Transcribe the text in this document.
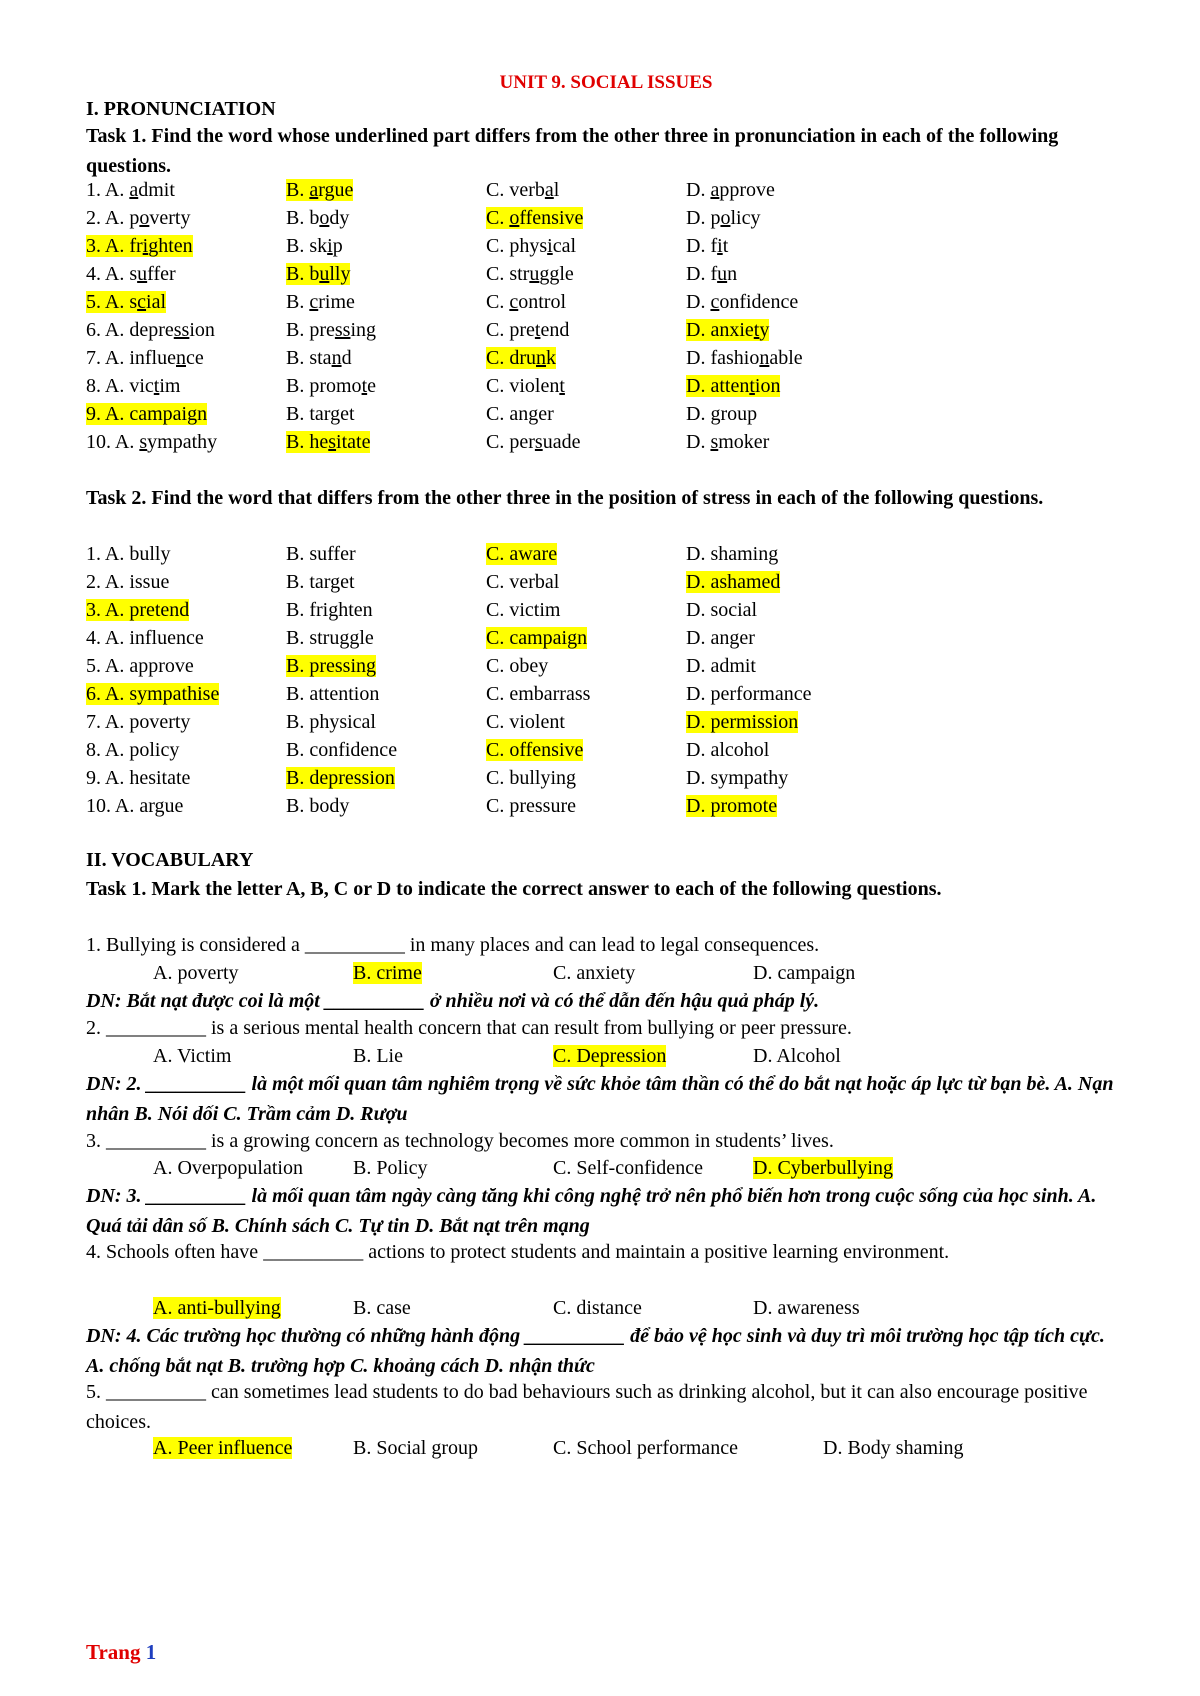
UNIT 9. SOCIAL ISSUES
I. PRONUNCIATION
Task 1. Find the word whose underlined part differs from the other three in pronunciation in each of the following questions.
1. A. admit	B. argue	C. verbal	D. approve
2. A. poverty	B. body	C. offensive	D. policy
3. A. frighten	B. skip	C. physical	D. fit
4. A. suffer	B. bully	C. struggle	D. fun
5. A. scial	B. crime	C. control	D. confidence
6. A. depression	B. pressing	C. pretend	D. anxiety
7. A. influence	B. stand	C. drunk	D. fashionable
8. A. victim	B. promote	C. violent	D. attention
9. A. campaign	B. target	C. anger	D. group
10. A. sympathy	B. hesitate	C. persuade	D. smoker
Task 2. Find the word that differs from the other three in the position of stress in each of the following questions.
1. A. bully	B. suffer	C. aware	D. shaming
2. A. issue	B. target	C. verbal	D. ashamed
3. A. pretend	B. frighten	C. victim	D. social
4. A. influence	B. struggle	C. campaign	D. anger
5. A. approve	B. pressing	C. obey	D. admit
6. A. sympathise	B. attention	C. embarrass	D. performance
7. A. poverty	B. physical	C. violent	D. permission
8. A. policy	B. confidence	C. offensive	D. alcohol
9. A. hesitate	B. depression	C. bullying	D. sympathy
10. A. argue	B. body	C. pressure	D. promote
II. VOCABULARY
Task 1. Mark the letter A, B, C or D to indicate the correct answer to each of the following questions.
1. Bullying is considered a __________ in many places and can lead to legal consequences.
A. poverty	B. crime	C. anxiety	D. campaign
DN: Bắt nạt được coi là một __________ ở nhiều nơi và có thể dẫn đến hậu quả pháp lý.
2. __________ is a serious mental health concern that can result from bullying or peer pressure.
A. Victim	B. Lie	C. Depression	D. Alcohol
DN: 2. __________ là một mối quan tâm nghiêm trọng về sức khỏe tâm thần có thể do bắt nạt hoặc áp lực từ bạn bè. A. Nạn nhân B. Nói dối C. Trầm cảm D. Rượu
3. __________ is a growing concern as technology becomes more common in students’ lives.
A. Overpopulation	B. Policy	C. Self-confidence	D. Cyberbullying
DN: 3. __________ là mối quan tâm ngày càng tăng khi công nghệ trở nên phổ biến hơn trong cuộc sống của học sinh. A. Quá tải dân số B. Chính sách C. Tự tin D. Bắt nạt trên mạng
4. Schools often have __________ actions to protect students and maintain a positive learning environment.
A. anti-bullying	B. case	C. distance	D. awareness
DN: 4. Các trường học thường có những hành động __________ để bảo vệ học sinh và duy trì môi trường học tập tích cực. A. chống bắt nạt B. trường hợp C. khoảng cách D. nhận thức
5. __________ can sometimes lead students to do bad behaviours such as drinking alcohol, but it can also encourage positive choices.
A. Peer influence	B. Social group	C. School performance	D. Body shaming
Trang 1
